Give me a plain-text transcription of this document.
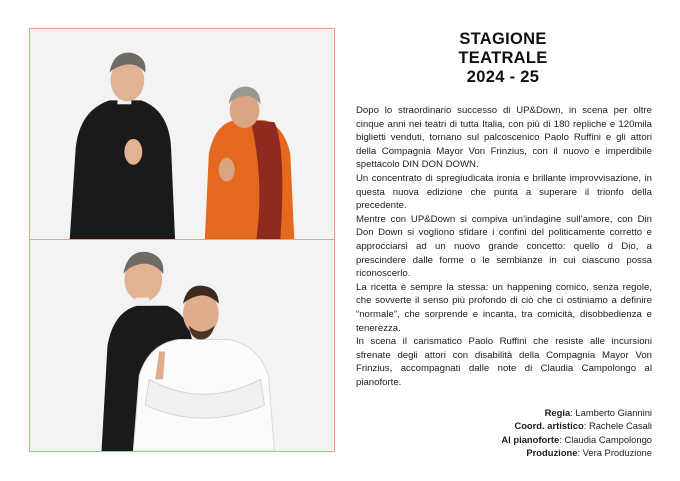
STAGIONE
TEATRALE
2024 - 25

Dopo lo straordinario successo di UP&Down, in scena per oltre cinque anni nei teatri di tutta Italia, con più di 180 repliche e 120mila biglietti venduti, tornano sul palcoscenico Paolo Ruffini e gli attori della Compagnia Mayor Von Frinzius, con il nuovo e imperdibile spettacolo DIN DON DOWN.

Un concentrato di spregiudicata ironia e brillante improvvisazione, in questa nuova edizione che punta a superare il trionfo della precedente.

Mentre con UP&Down si compiva un’indagine sull’amore, con Din Don Down si vogliono sfidare i confini del politicamente corretto e approcciarsi ad un nuovo grande concetto: quello d Dio, a prescindere dalle forme o le sembianze in cui ciascuno possa riconoscerlo.

La ricetta è sempre la stessa: un happening comico, senza regole, che sovverte il senso più profondo di ciò che ci ostiniamo a definire “normale”, che sorprende e incanta, tra comicità, disobbedienza e tenerezza.

In scena il carismatico Paolo Ruffini che resiste alle incursioni sfrenate degli attori con disabilità della Compagnia Mayor Von Frinzius, accompagnati dalle note di Claudia Campolongo al pianoforte.

Regia: Lamberto Giannini
Coord. artistico: Rachele Casali
Al pianoforte: Claudia Campolongo
Produzione: Vera Produzione
